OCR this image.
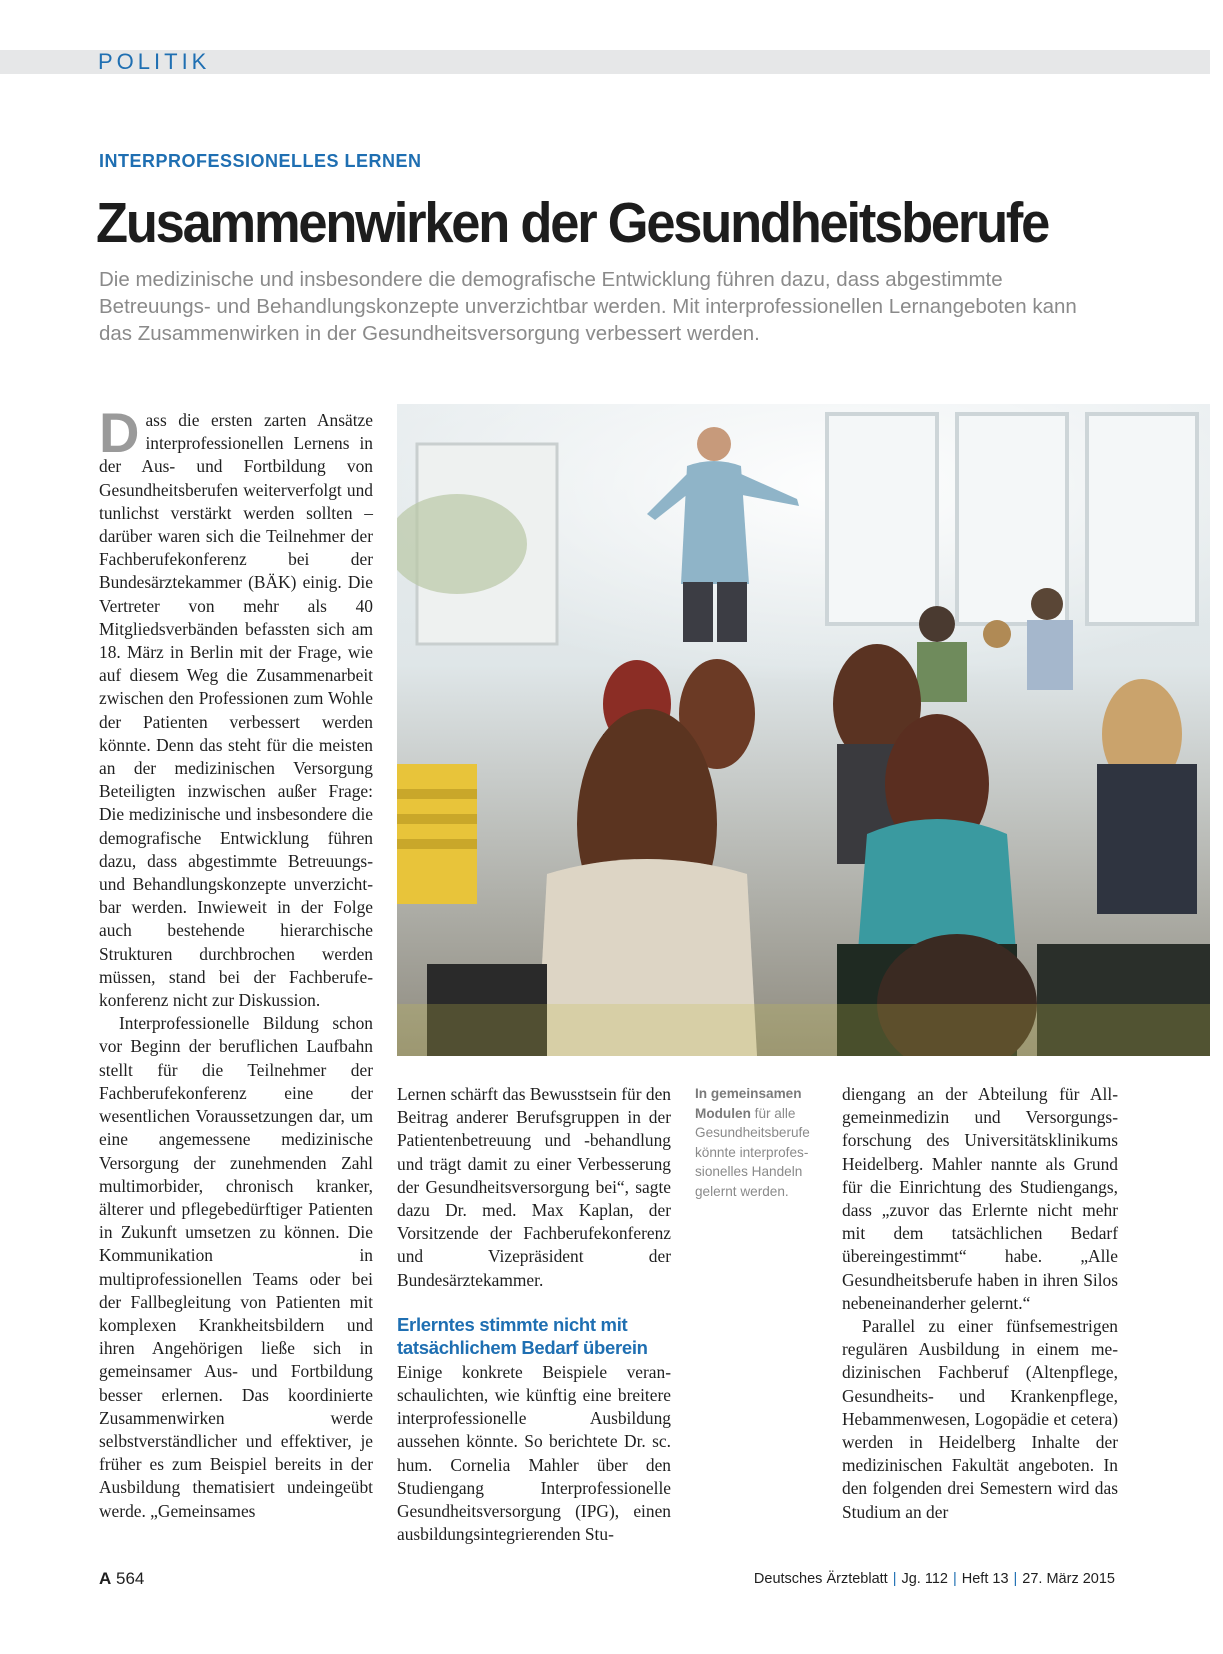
POLITIK
INTERPROFESSIONELLES LERNEN
Zusammenwirken der Gesundheitsberufe
Die medizinische und insbesondere die demografische Entwicklung führen dazu, dass abgestimmte Betreuungs- und Behandlungskonzepte unverzichtbar werden. Mit interprofessionellen Lernangeboten kann das Zusammenwirken in der Gesundheitsversorgung verbessert werden.

D ass die ersten zarten Ansätze interprofessionellen Lernens in der Aus- und Fortbildung von Gesundheitsberufen weiterverfolgt und tunlichst verstärkt werden sollten – darüber waren sich die Teilnehmer der Fachberufekonferenz bei der Bundesärztekammer (BÄK) einig. Die Vertreter von mehr als 40 Mitgliedsverbänden befassten sich am 18. März in Berlin mit der Frage, wie auf diesem Weg die Zusammenarbeit zwischen den Professionen zum Wohle der Patienten verbessert werden könnte. Denn das steht für die meisten an der medizinischen Versorgung Beteiligten inzwischen außer Frage: Die medizinische und insbesondere die demografische Entwicklung führen dazu, dass abgestimmte Betreuungs- und Behandlungskonzepte unverzichtbar werden. Inwieweit in der Folge auch bestehende hierarchische Strukturen durchbrochen werden müssen, stand bei der Fachberufekonferenz nicht zur Diskussion.

Interprofessionelle Bildung schon vor Beginn der beruflichen Laufbahn stellt für die Teilnehmer der Fachberufekonferenz eine der wesentlichen Voraussetzungen dar, um eine angemessene medizinische Versorgung der zunehmenden Zahl multimorbider, chronisch kranker, älterer und pflegebedürftiger Patienten in Zukunft umsetzen zu können. Die Kommunikation in multiprofessionellen Teams oder bei der Fallbegleitung von Patienten mit komplexen Krankheitsbildern und ihren Angehörigen ließe sich in gemeinsamer Aus- und Fortbildung besser erlernen. Das koordinierte Zusammenwirken werde selbstverständlicher und effektiver, je früher es zum Beispiel bereits in der Ausbildung thematisiert undeingeübt werde. „Gemeinsames

Lernen schärft das Bewusstsein für den Beitrag anderer Berufsgruppen in der Patientenbetreuung und -behandlung und trägt damit zu einer Verbesserung der Gesundheitsversorgung bei“, sagte dazu Dr. med. Max Kaplan, der Vorsitzende der Fachberufekonferenz und Vizepräsident der Bundesärztekammer.

Erlerntes stimmte nicht mit tatsächlichem Bedarf überein

Einige konkrete Beispiele veranschaulichten, wie künftig eine breitere interprofessionelle Ausbildung aussehen könnte. So berichtete Dr. sc. hum. Cornelia Mahler über den Studiengang Interprofessionelle Gesundheitsversorgung (IPG), einen ausbildungsintegrierenden Stu-

In gemeinsamen Modulen für alle Gesundheitsberufe könnte interprofessionelles Handeln gelernt werden.

diengang an der Abteilung für Allgemeinmedizin und Versorgungsforschung des Universitätsklinikums Heidelberg. Mahler nannte als Grund für die Einrichtung des Studiengangs, dass „zuvor das Erlernte nicht mehr mit dem tatsächlichen Bedarf übereingestimmt“ habe. „Alle Gesundheitsberufe haben in ihren Silos nebeneinanderher gelernt.“

Parallel zu einer fünfsemestrigen regulären Ausbildung in einem medizinischen Fachberuf (Altenpflege, Gesundheits- und Krankenpflege, Hebammenwesen, Logopädie et cetera) werden in Heidelberg Inhalte der medizinischen Fakultät angeboten. In den folgenden drei Semestern wird das Studium an der

A 564	Deutsches Ärzteblatt | Jg. 112 | Heft 13 | 27. März 2015
